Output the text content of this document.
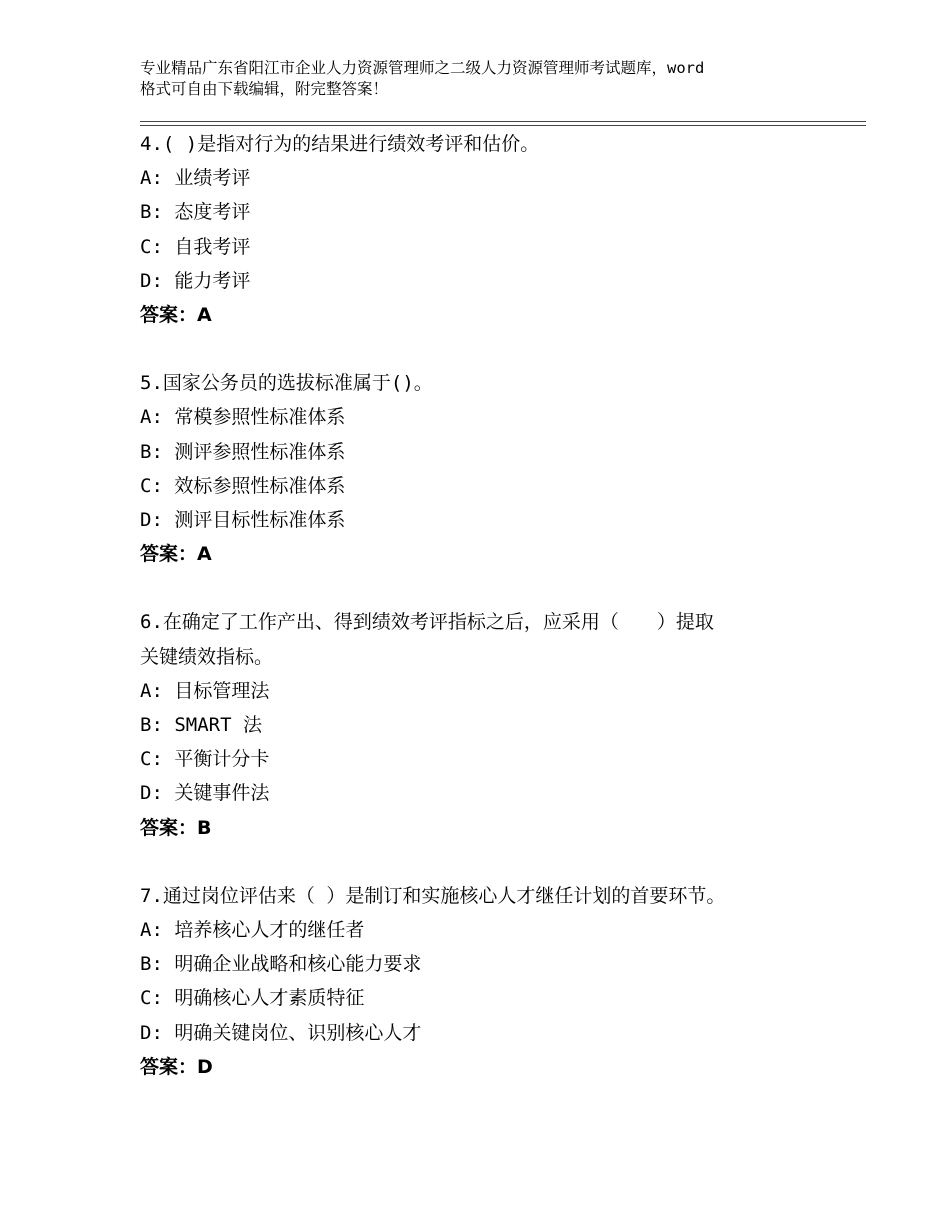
专业精品广东省阳江市企业人力资源管理师之二级人力资源管理师考试题库，word
格式可自由下载编辑，附完整答案！
4.( )是指对行为的结果进行绩效考评和估价。
A: 业绩考评
B: 态度考评
C: 自我考评
D: 能力考评
答案：A
5.国家公务员的选拔标准属于()。
A: 常模参照性标准体系
B: 测评参照性标准体系
C: 效标参照性标准体系
D: 测评目标性标准体系
答案：A
6.在确定了工作产出、得到绩效考评指标之后，应采用（　　）提取
关键绩效指标。
A: 目标管理法
B: SMART 法
C: 平衡计分卡
D: 关键事件法
答案：B
7.通过岗位评估来（ ）是制订和实施核心人才继任计划的首要环节。
A: 培养核心人才的继任者
B: 明确企业战略和核心能力要求
C: 明确核心人才素质特征
D: 明确关键岗位、识别核心人才
答案：D
